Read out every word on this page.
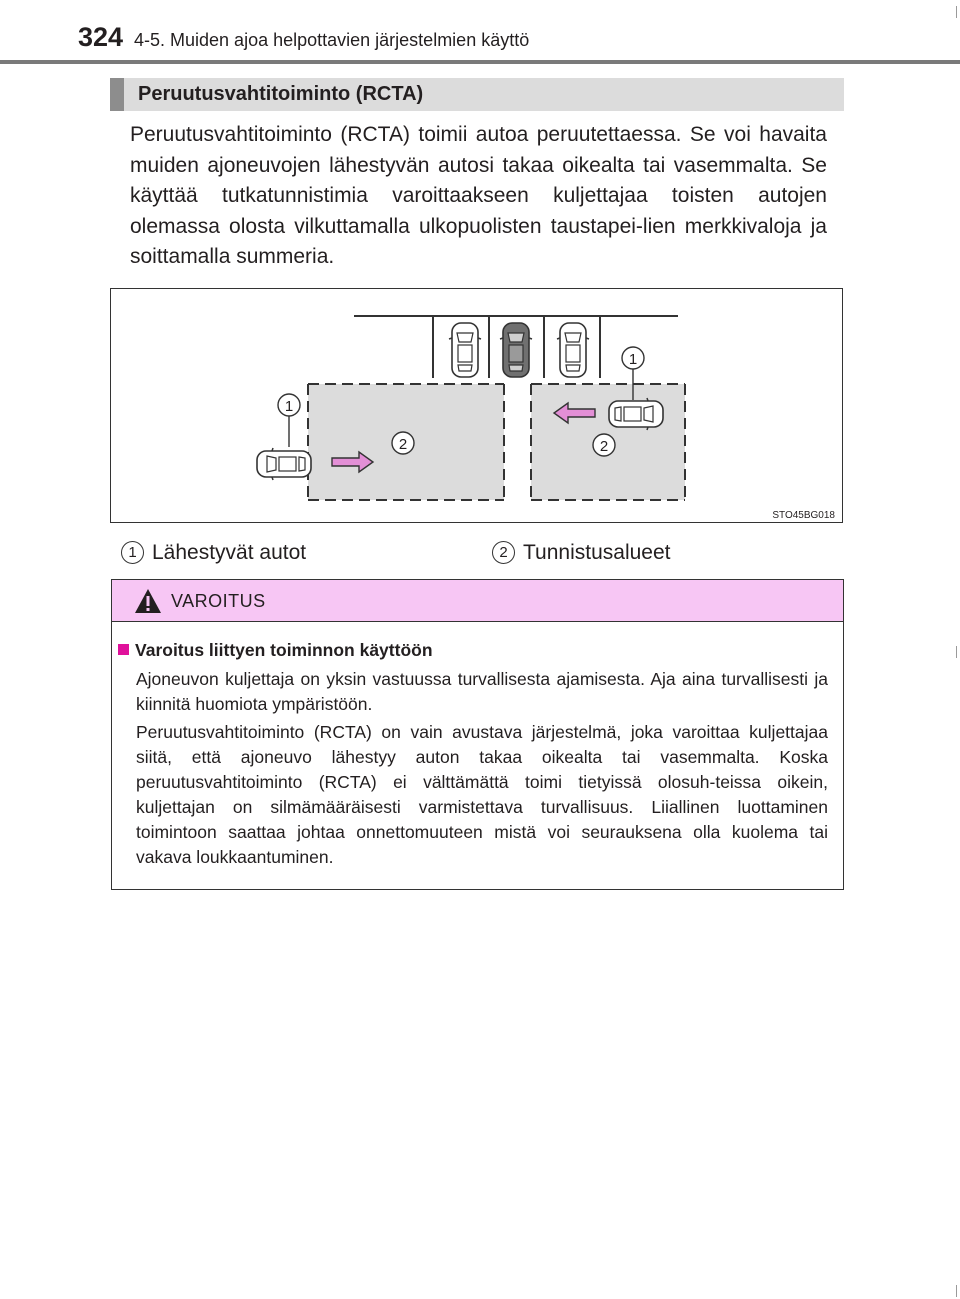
324 4-5. Muiden ajoa helpottavien järjestelmien käyttö
Peruutusvahtitoiminto (RCTA)
Peruutusvahtitoiminto (RCTA) toimii autoa peruutettaessa. Se voi havaita muiden ajoneuvojen lähestyvän autosi takaa oikealta tai vasemmalta. Se käyttää tutkatunnistimia varoittaakseen kuljettajaa toisten autojen olemassa olosta vilkuttamalla ulkopuolisten taustapei-lien merkkivaloja ja soittamalla summeria.
1
1
2	2
STO45BG018
1 Lähestyvät autot	2 Tunnistusalueet
VAROITUS
Varoitus liittyen toiminnon käyttöön
Ajoneuvon kuljettaja on yksin vastuussa turvallisesta ajamisesta. Aja aina turvallisesti ja kiinnitä huomiota ympäristöön.
Peruutusvahtitoiminto (RCTA) on vain avustava järjestelmä, joka varoittaa kuljettajaa siitä, että ajoneuvo lähestyy auton takaa oikealta tai vasemmalta. Koska peruutusvahtitoiminto (RCTA) ei välttämättä toimi tietyissä olosuh-teissa oikein, kuljettajan on silmämääräisesti varmistettava turvallisuus. Liiallinen luottaminen toimintoon saattaa johtaa onnettomuuteen mistä voi seurauksena olla kuolema tai vakava loukkaantuminen.
